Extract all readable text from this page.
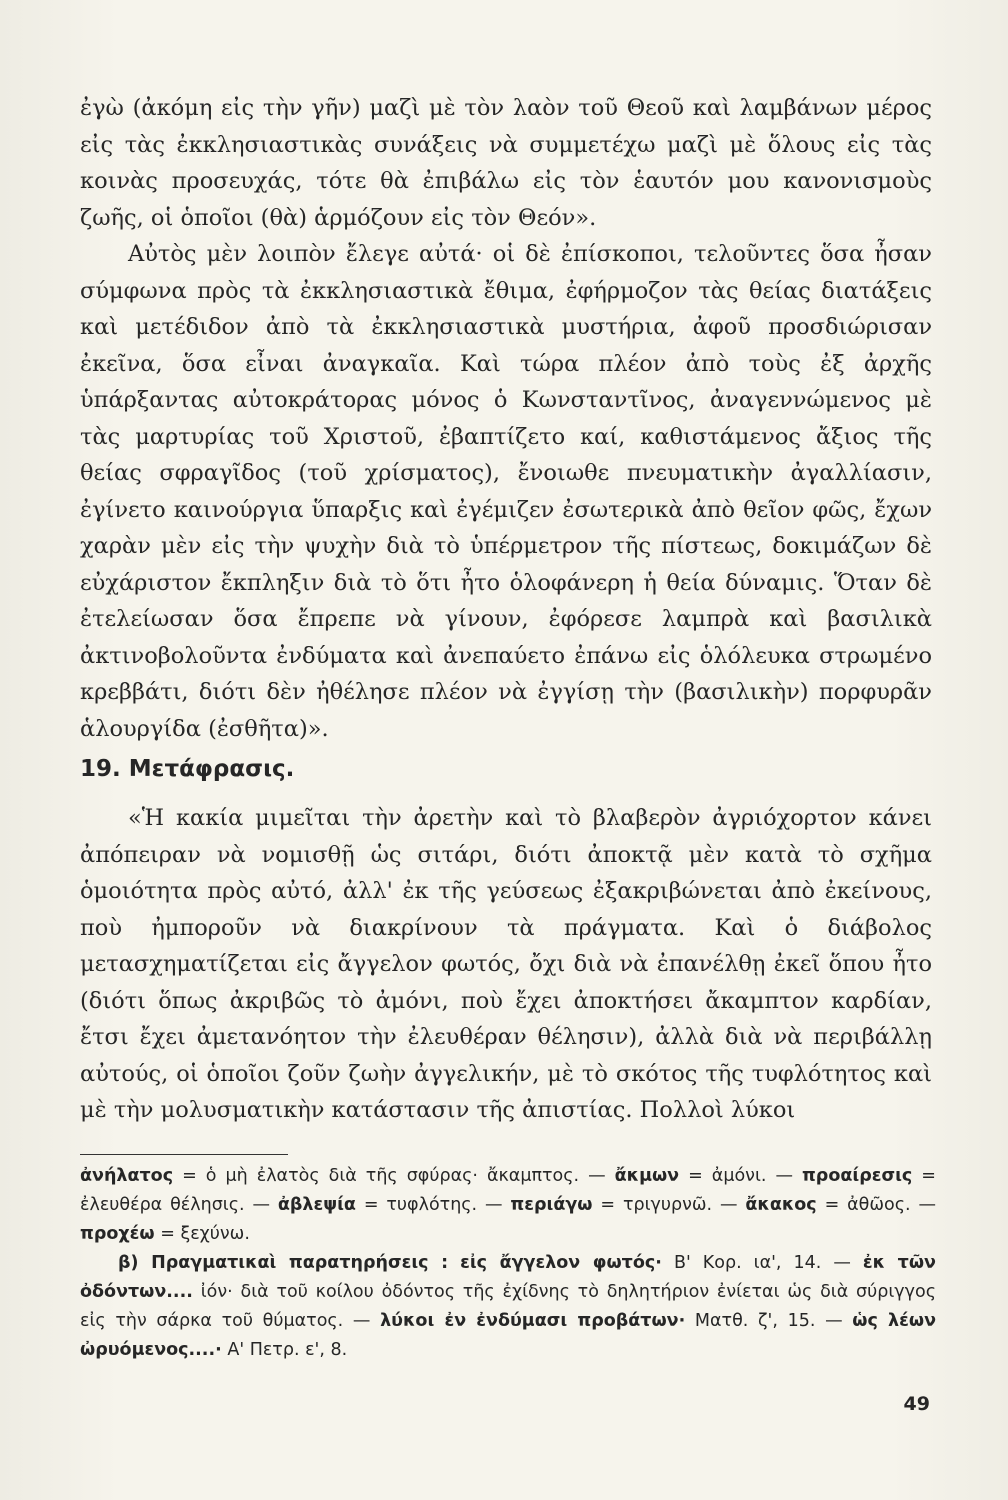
ἐγὼ (ἀκόμη εἰς τὴν γῆν) μαζὶ μὲ τὸν λαὸν τοῦ Θεοῦ καὶ λαμβάνων μέρος εἰς τὰς ἐκκλησιαστικὰς συνάξεις νὰ συμμετέχω μαζὶ μὲ ὅλους εἰς τὰς κοινὰς προσευχάς, τότε θὰ ἐπιβάλω εἰς τὸν ἑαυτόν μου κανονισμοὺς ζωῆς, οἱ ὁποῖοι (θὰ) ἁρμόζουν εἰς τὸν Θεόν».

Αὐτὸς μὲν λοιπὸν ἔλεγε αὐτά· οἱ δὲ ἐπίσκοποι, τελοῦντες ὅσα ἦσαν σύμφωνα πρὸς τὰ ἐκκλησιαστικὰ ἔθιμα, ἐφήρμοζον τὰς θείας διατάξεις καὶ μετέδιδον ἀπὸ τὰ ἐκκλησιαστικὰ μυστήρια, ἀφοῦ προσδιώρισαν ἐκεῖνα, ὅσα εἶναι ἀναγκαῖα. Καὶ τώρα πλέον ἀπὸ τοὺς ἐξ ἀρχῆς ὑπάρξαντας αὐτοκράτορας μόνος ὁ Κωνσταντῖνος, ἀναγεννώμενος μὲ τὰς μαρτυρίας τοῦ Χριστοῦ, ἐβαπτίζετο καί, καθιστάμενος ἄξιος τῆς θείας σφραγῖδος (τοῦ χρίσματος), ἔνοιωθε πνευματικὴν ἀγαλλίασιν, ἐγίνετο καινούργια ὕπαρξις καὶ ἐγέμιζεν ἐσωτερικὰ ἀπὸ θεῖον φῶς, ἔχων χαρὰν μὲν εἰς τὴν ψυχὴν διὰ τὸ ὑπέρμετρον τῆς πίστεως, δοκιμάζων δὲ εὐχάριστον ἔκπληξιν διὰ τὸ ὅτι ἦτο ὁλοφάνερη ἡ θεία δύναμις. Ὅταν δὲ ἐτελείωσαν ὅσα ἔπρεπε νὰ γίνουν, ἐφόρεσε λαμπρὰ καὶ βασιλικὰ ἀκτινοβολοῦντα ἐνδύματα καὶ ἀνεπαύετο ἐπάνω εἰς ὁλόλευκα στρωμένο κρεββάτι, διότι δὲν ἠθέλησε πλέον νὰ ἐγγίσῃ τὴν (βασιλικὴν) πορφυρᾶν ἁλουργίδα (ἐσθῆτα)».

19. Μετάφρασις.

«Ἡ κακία μιμεῖται τὴν ἀρετὴν καὶ τὸ βλαβερὸν ἀγριόχορτον κάνει ἀπόπειραν νὰ νομισθῇ ὡς σιτάρι, διότι ἀποκτᾷ μὲν κατὰ τὸ σχῆμα ὁμοιότητα πρὸς αὐτό, ἀλλ' ἐκ τῆς γεύσεως ἐξακριβώνεται ἀπὸ ἐκείνους, ποὺ ἠμποροῦν νὰ διακρίνουν τὰ πράγματα. Καὶ ὁ διάβολος μετασχηματίζεται εἰς ἄγγελον φωτός, ὄχι διὰ νὰ ἐπανέλθῃ ἐκεῖ ὅπου ἦτο (διότι ὅπως ἀκριβῶς τὸ ἀμόνι, ποὺ ἔχει ἀποκτήσει ἄκαμπτον καρδίαν, ἔτσι ἔχει ἀμετανόητον τὴν ἐλευθέραν θέλησιν), ἀλλὰ διὰ νὰ περιβάλλῃ αὐτούς, οἱ ὁποῖοι ζοῦν ζωὴν ἀγγελικήν, μὲ τὸ σκότος τῆς τυφλότητος καὶ μὲ τὴν μολυσματικὴν κατάστασιν τῆς ἀπιστίας. Πολλοὶ λύκοι

ἀνήλατος = ὁ μὴ ἐλατὸς διὰ τῆς σφύρας· ἄκαμπτος. — ἄκμων = ἀμόνι. — προαίρεσις = ἐλευθέρα θέλησις. — ἀβλεψία = τυφλότης. — περιάγω = τριγυρνῶ. — ἄκακος = ἀθῶος. — προχέω = ξεχύνω.

β) Πραγματικαὶ παρατηρήσεις : εἰς ἄγγελον φωτός· Β' Κορ. ια', 14. — ἐκ τῶν ὀδόντων.... ἰόν· διὰ τοῦ κοίλου ὀδόντος τῆς ἐχίδνης τὸ δηλητήριον ἐνίεται ὡς διὰ σύριγγος εἰς τὴν σάρκα τοῦ θύματος. — λύκοι ἐν ἐνδύμασι προβάτων· Ματθ. ζ', 15. — ὡς λέων ὠρυόμενος....· Α' Πετρ. ε', 8.

49
